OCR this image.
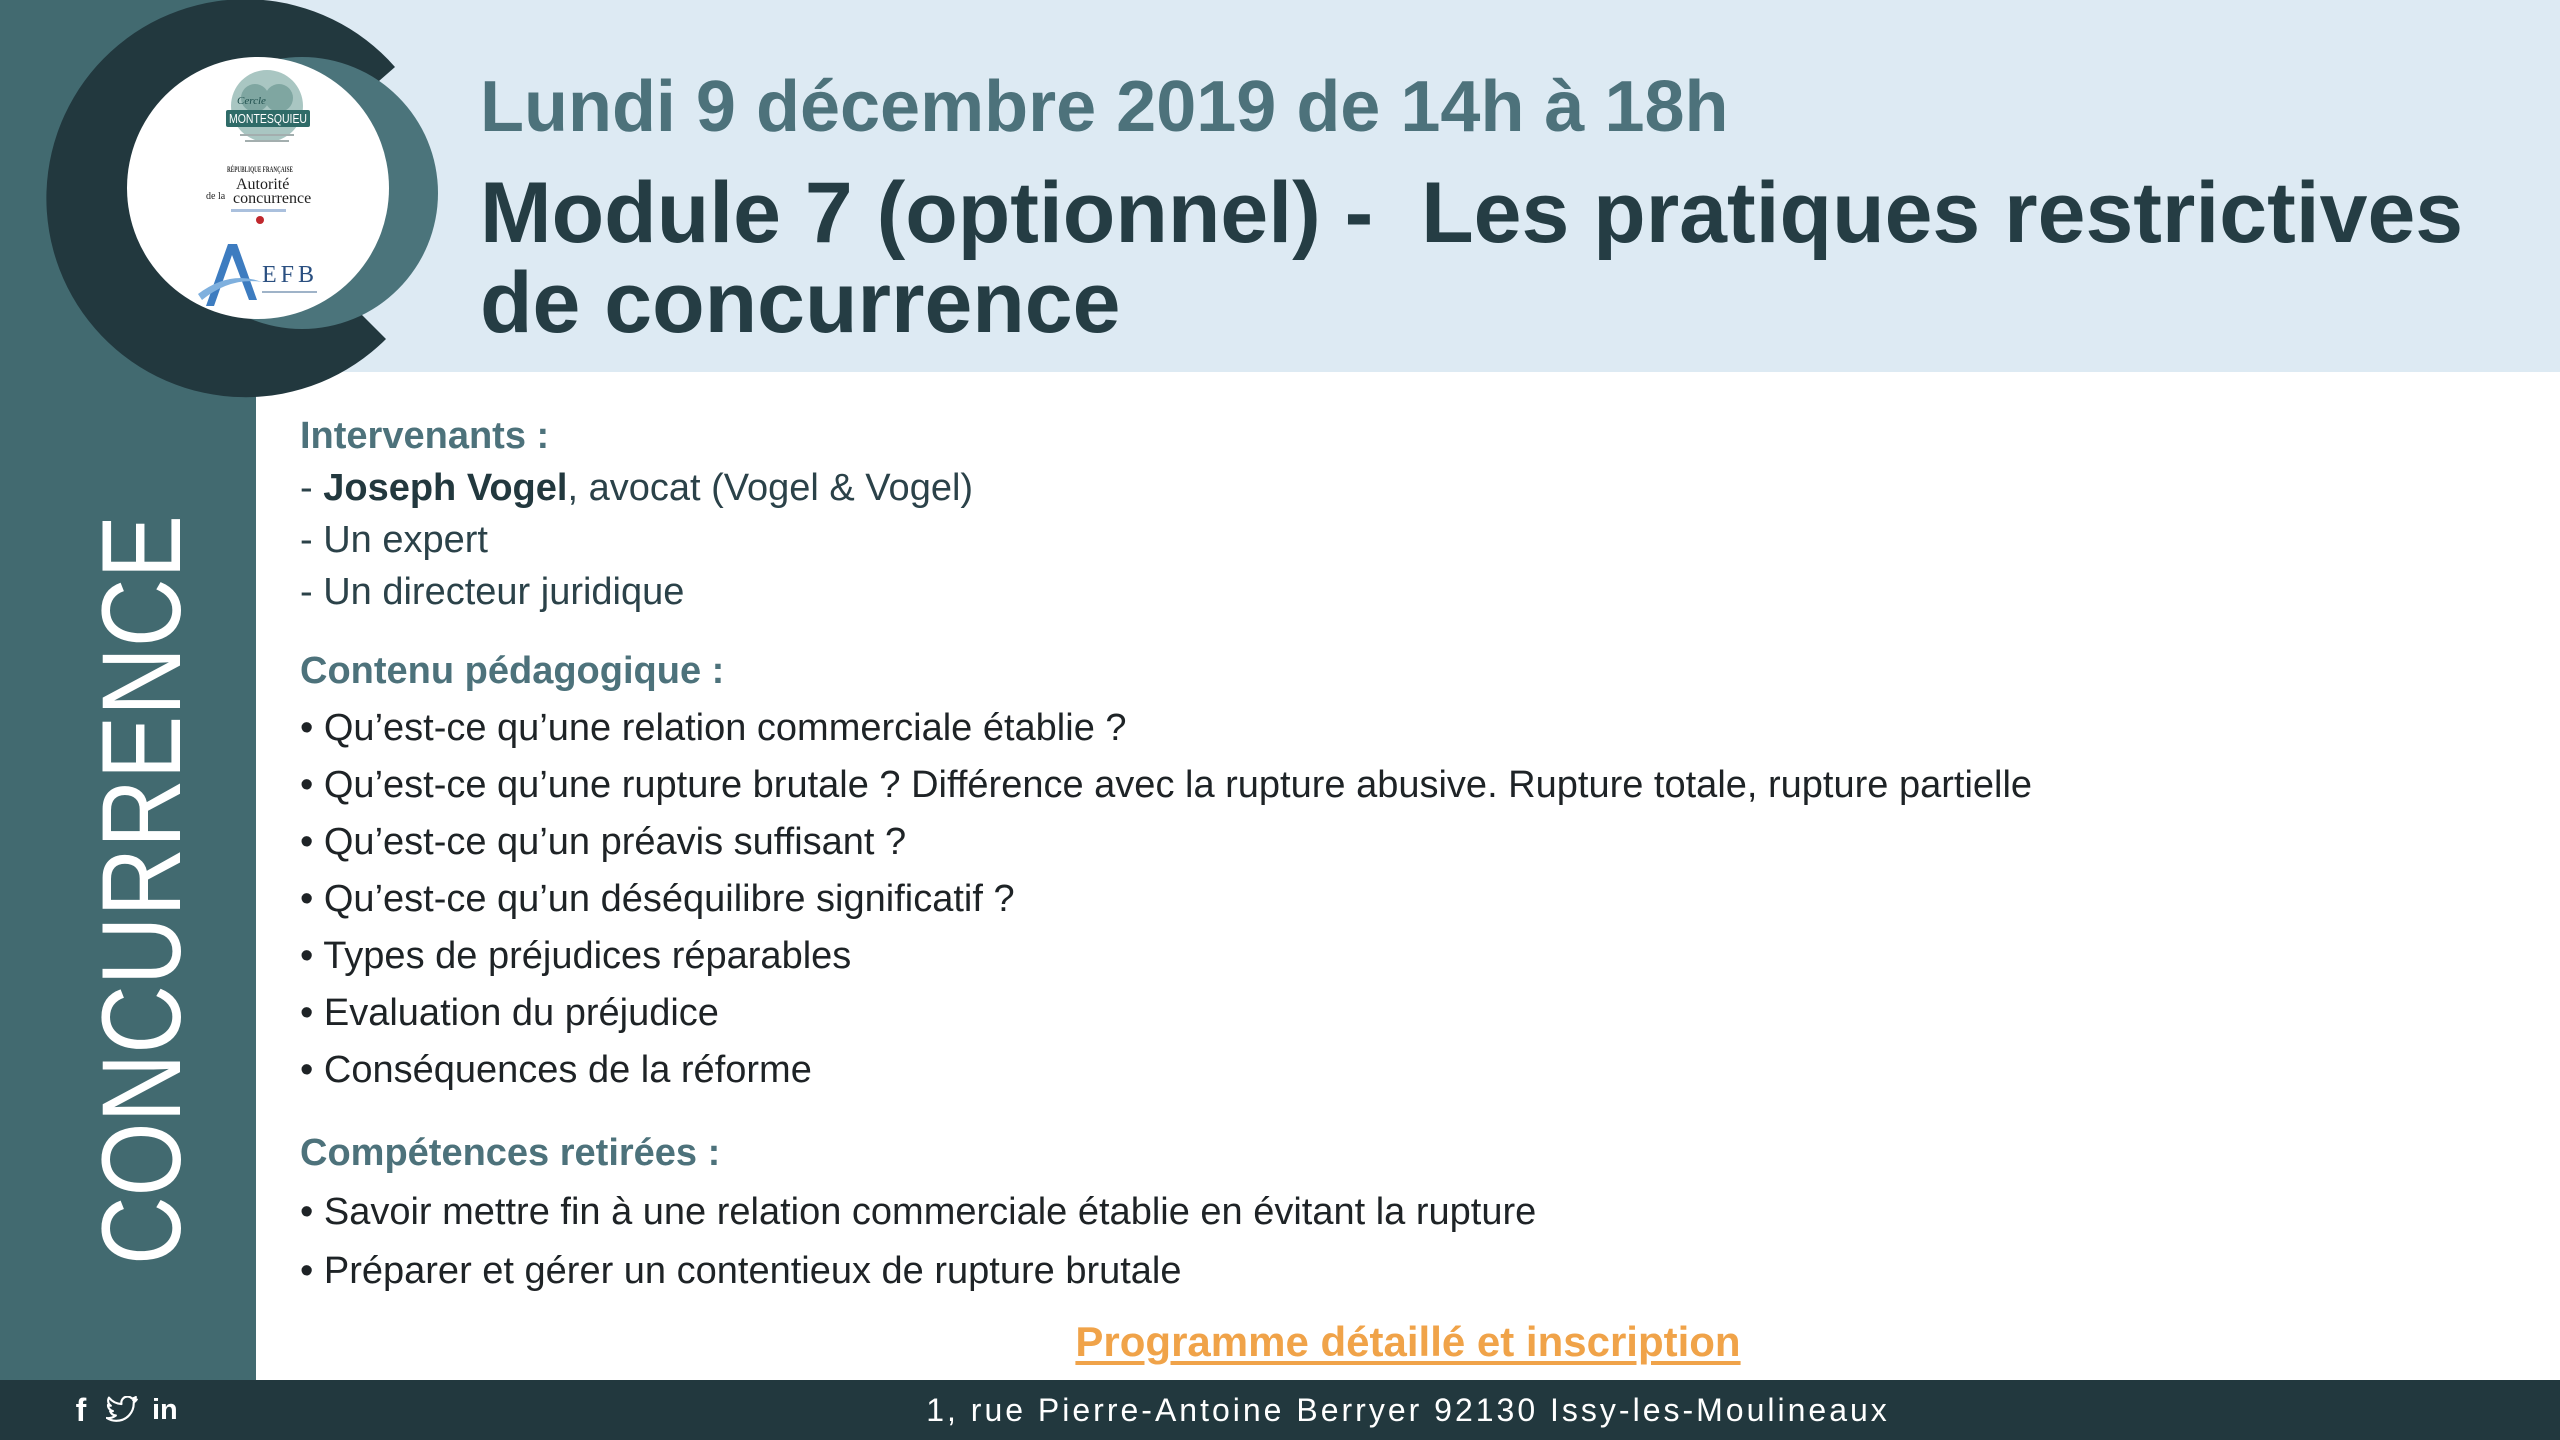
CONCURRENCE
MONTESQUIEU
Cercle
RÉPUBLIQUE FRANÇAISE
Autorité
de la concurrence
EFB
Lundi 9 décembre 2019 de 14h à 18h
Module 7 (optionnel) -  Les pratiques restrictives de concurrence
Intervenants :
- Joseph Vogel, avocat (Vogel & Vogel)
- Un expert
- Un directeur juridique
Contenu pédagogique :
• Qu’est-ce qu’une relation commerciale établie ?
• Qu’est-ce qu’une rupture brutale ? Différence avec la rupture abusive. Rupture totale, rupture partielle
• Qu’est-ce qu’un préavis suffisant ?
• Qu’est-ce qu’un déséquilibre significatif ?
• Types de préjudices réparables
• Evaluation du préjudice
• Conséquences de la réforme
Compétences retirées :
• Savoir mettre fin à une relation commerciale établie en évitant la rupture
• Préparer et gérer un contentieux de rupture brutale
Programme détaillé et inscription
f in	1, rue Pierre-Antoine Berryer 92130 Issy-les-Moulineaux
